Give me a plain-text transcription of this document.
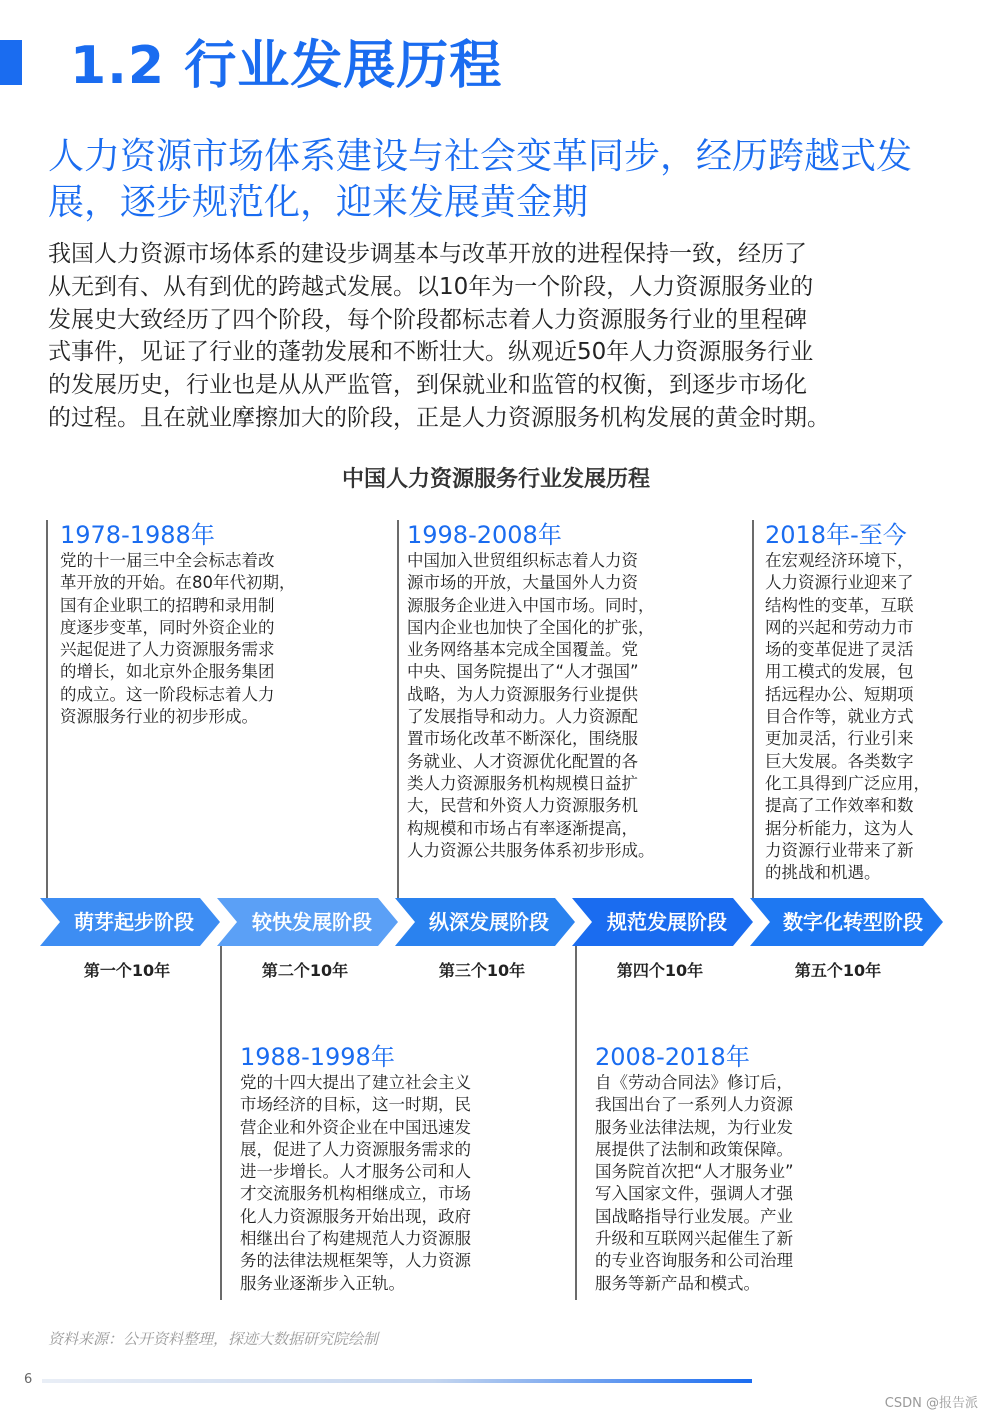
1.2 行业发展历程
人力资源市场体系建设与社会变革同步，经历跨越式发
展，逐步规范化，迎来发展黄金期
我国人力资源市场体系的建设步调基本与改革开放的进程保持一致，经历了
从无到有、从有到优的跨越式发展。以10年为一个阶段，人力资源服务业的
发展史大致经历了四个阶段，每个阶段都标志着人力资源服务行业的里程碑
式事件，见证了行业的蓬勃发展和不断壮大。纵观近50年人力资源服务行业
的发展历史，行业也是从从严监管，到保就业和监管的权衡，到逐步市场化
的过程。且在就业摩擦加大的阶段，正是人力资源服务机构发展的黄金时期。
中国人力资源服务行业发展历程
1978-1988年
党的十一届三中全会标志着改
革开放的开始。在80年代初期，
国有企业职工的招聘和录用制
度逐步变革，同时外资企业的
兴起促进了人力资源服务需求
的增长，如北京外企服务集团
的成立。这一阶段标志着人力
资源服务行业的初步形成。
1998-2008年
中国加入世贸组织标志着人力资
源市场的开放，大量国外人力资
源服务企业进入中国市场。同时，
国内企业也加快了全国化的扩张，
业务网络基本完成全国覆盖。党
中央、国务院提出了“人才强国”
战略，为人力资源服务行业提供
了发展指导和动力。人力资源配
置市场化改革不断深化，围绕服
务就业、人才资源优化配置的各
类人力资源服务机构规模日益扩
大，民营和外资人力资源服务机
构规模和市场占有率逐渐提高，
人力资源公共服务体系初步形成。
2018年-至今
在宏观经济环境下，
人力资源行业迎来了
结构性的变革，互联
网的兴起和劳动力市
场的变革促进了灵活
用工模式的发展，包
括远程办公、短期项
目合作等，就业方式
更加灵活，行业引来
巨大发展。各类数字
化工具得到广泛应用，
提高了工作效率和数
据分析能力，这为人
力资源行业带来了新
的挑战和机遇。
萌芽起步阶段	较快发展阶段	纵深发展阶段	规范发展阶段	数字化转型阶段
第一个10年	第二个10年	第三个10年	第四个10年	第五个10年
1988-1998年
党的十四大提出了建立社会主义
市场经济的目标，这一时期，民
营企业和外资企业在中国迅速发
展，促进了人力资源服务需求的
进一步增长。人才服务公司和人
才交流服务机构相继成立，市场
化人力资源服务开始出现，政府
相继出台了构建规范人力资源服
务的法律法规框架等，人力资源
服务业逐渐步入正轨。
2008-2018年
自《劳动合同法》修订后，
我国出台了一系列人力资源
服务业法律法规，为行业发
展提供了法制和政策保障。
国务院首次把“人才服务业”
写入国家文件，强调人才强
国战略指导行业发展。产业
升级和互联网兴起催生了新
的专业咨询服务和公司治理
服务等新产品和模式。
资料来源：公开资料整理，探迹大数据研究院绘制
6
CSDN @报告派
